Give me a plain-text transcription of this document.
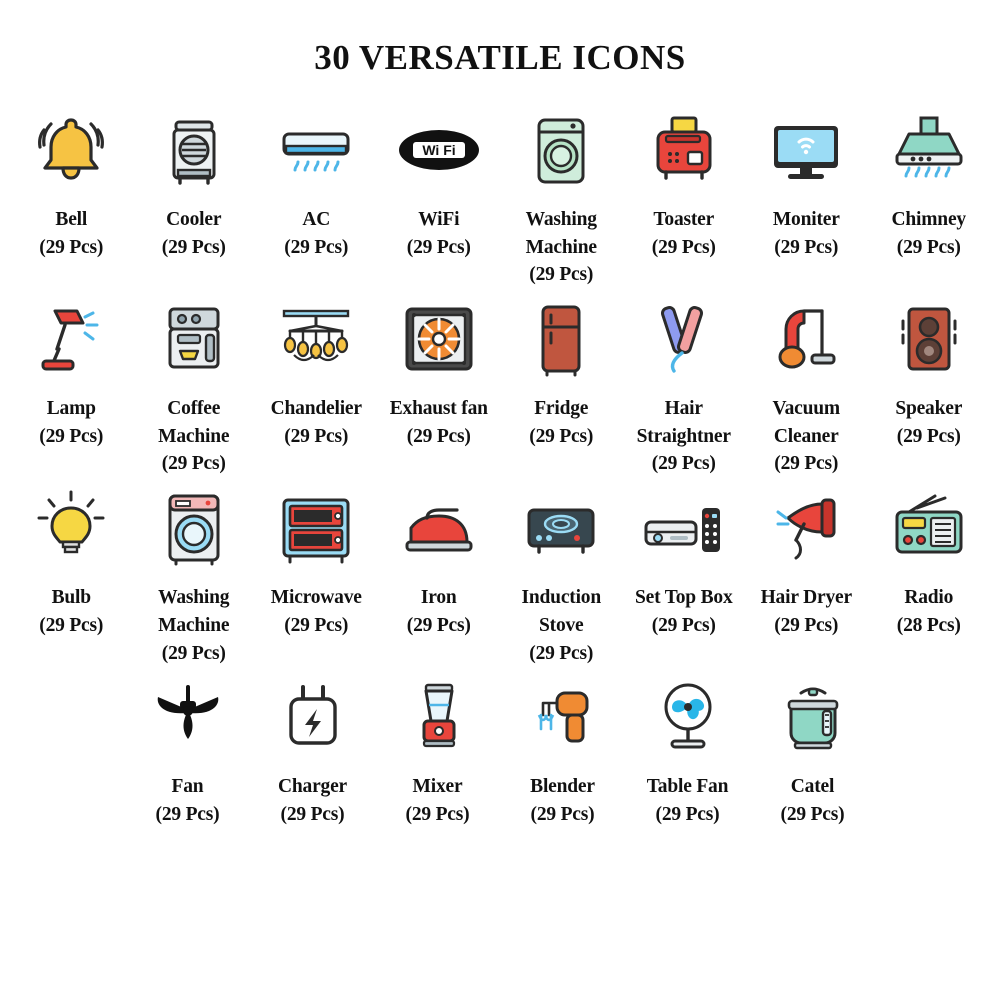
30 VERSATILE ICONS
Bell
(29 Pcs)
Cooler
(29 Pcs)
AC
(29 Pcs)
Wi Fi
WiFi
(29 Pcs)
Washing Machine
(29 Pcs)
Toaster
(29 Pcs)
Moniter
(29 Pcs)
Chimney
(29 Pcs)
Lamp
(29 Pcs)
Coffee Machine
(29 Pcs)
Chandelier
(29 Pcs)
Exhaust fan
(29 Pcs)
Fridge
(29 Pcs)
Hair Straightner
(29 Pcs)
Vacuum Cleaner
(29 Pcs)
Speaker
(29 Pcs)
Bulb
(29 Pcs)
Washing Machine
(29 Pcs)
Microwave
(29 Pcs)
Iron
(29 Pcs)
Induction Stove
(29 Pcs)
Set Top Box
(29 Pcs)
Hair Dryer
(29 Pcs)
Radio
(28 Pcs)
Fan
(29 Pcs)
Charger
(29 Pcs)
Mixer
(29 Pcs)
Blender
(29 Pcs)
Table Fan
(29 Pcs)
Catel
(29 Pcs)
